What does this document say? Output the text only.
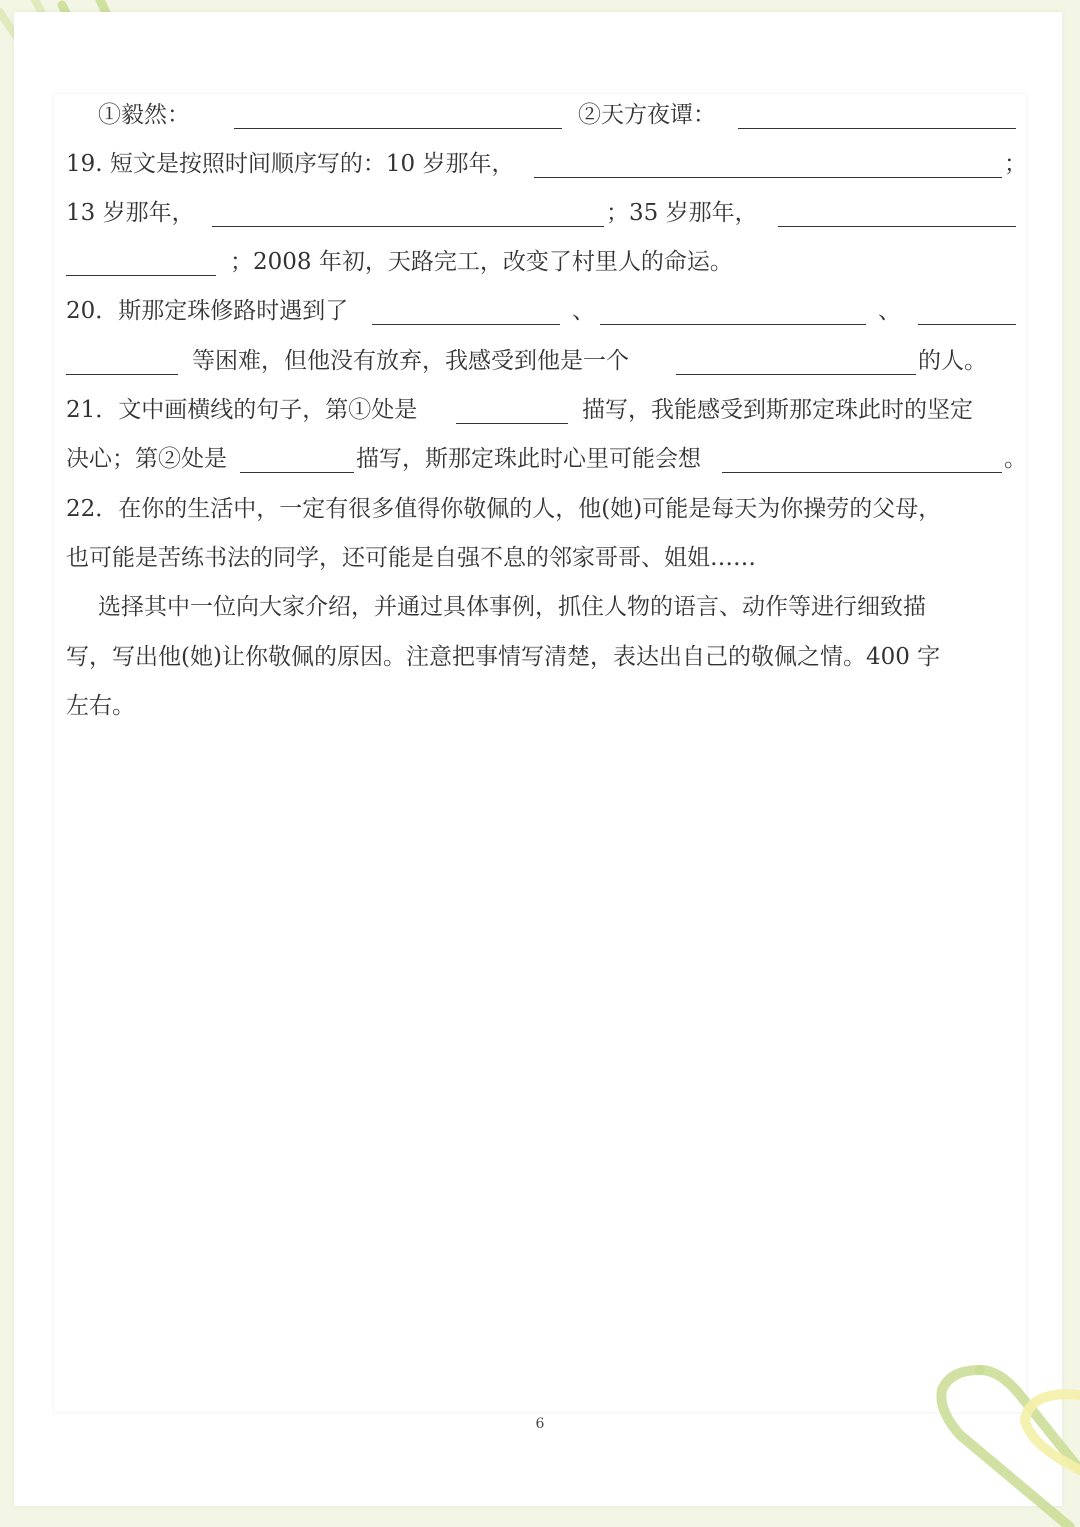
①毅然：	②天方夜谭：
19. 短文是按照时间顺序写的：10 岁那年，	；
13 岁那年，	；35 岁那年，
；2008 年初，天路完工，改变了村里人的命运。
20．斯那定珠修路时遇到了	、	、
等困难，但他没有放弃，我感受到他是一个	的人。
21．文中画横线的句子，第①处是	描写，我能感受到斯那定珠此时的坚定
决心；第②处是	描写，斯那定珠此时心里可能会想	。
22．在你的生活中，一定有很多值得你敬佩的人，他(她)可能是每天为你操劳的父母，
也可能是苦练书法的同学，还可能是自强不息的邻家哥哥、姐姐……
选择其中一位向大家介绍，并通过具体事例，抓住人物的语言、动作等进行细致描
写，写出他(她)让你敬佩的原因。注意把事情写清楚，表达出自己的敬佩之情。400 字
左右。
6
